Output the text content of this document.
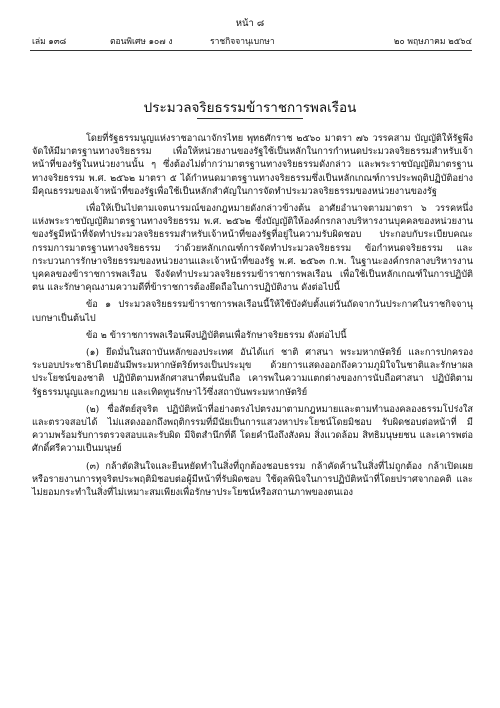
หน้า ๘
เล่ม ๑๓๘	ตอนพิเศษ ๑๐๗ ง	ราชกิจจานุเบกษา	๒๐ พฤษภาคม ๒๕๖๔
ประมวลจริยธรรมข้าราชการพลเรือน

โดยที่รัฐธรรมนูญแห่งราชอาณาจักรไทย พุทธศักราช ๒๕๖๐ มาตรา ๗๖ วรรคสาม บัญญัติให้รัฐพึงจัดให้มีมาตรฐานทางจริยธรรม เพื่อให้หน่วยงานของรัฐใช้เป็นหลักในการกำหนดประมวลจริยธรรมสำหรับเจ้าหน้าที่ของรัฐในหน่วยงานนั้น ๆ ซึ่งต้องไม่ต่ำกว่ามาตรฐานทางจริยธรรมดังกล่าว และพระราชบัญญัติมาตรฐานทางจริยธรรม พ.ศ. ๒๕๖๒ มาตรา ๕ ได้กำหนดมาตรฐานทางจริยธรรมซึ่งเป็นหลักเกณฑ์การประพฤติปฏิบัติอย่างมีคุณธรรมของเจ้าหน้าที่ของรัฐเพื่อใช้เป็นหลักสำคัญในการจัดทำประมวลจริยธรรมของหน่วยงานของรัฐ

เพื่อให้เป็นไปตามเจตนารมณ์ของกฎหมายดังกล่าวข้างต้น อาศัยอำนาจตามมาตรา ๖ วรรคหนึ่ง แห่งพระราชบัญญัติมาตรฐานทางจริยธรรม พ.ศ. ๒๕๖๒ ซึ่งบัญญัติให้องค์กรกลางบริหารงานบุคคลของหน่วยงานของรัฐมีหน้าที่จัดทำประมวลจริยธรรมสำหรับเจ้าหน้าที่ของรัฐที่อยู่ในความรับผิดชอบ ประกอบกับระเบียบคณะกรรมการมาตรฐานทางจริยธรรม ว่าด้วยหลักเกณฑ์การจัดทำประมวลจริยธรรม ข้อกำหนดจริยธรรม และกระบวนการรักษาจริยธรรมของหน่วยงานและเจ้าหน้าที่ของรัฐ พ.ศ. ๒๕๖๓ ก.พ. ในฐานะองค์กรกลางบริหารงานบุคคลของข้าราชการพลเรือน จึงจัดทำประมวลจริยธรรมข้าราชการพลเรือน เพื่อใช้เป็นหลักเกณฑ์ในการปฏิบัติตน และรักษาคุณงามความดีที่ข้าราชการต้องยึดถือในการปฏิบัติงาน ดังต่อไปนี้

ข้อ ๑ ประมวลจริยธรรมข้าราชการพลเรือนนี้ให้ใช้บังคับตั้งแต่วันถัดจากวันประกาศในราชกิจจานุเบกษาเป็นต้นไป

ข้อ ๒ ข้าราชการพลเรือนพึงปฏิบัติตนเพื่อรักษาจริยธรรม ดังต่อไปนี้

(๑) ยึดมั่นในสถาบันหลักของประเทศ อันได้แก่ ชาติ ศาสนา พระมหากษัตริย์ และการปกครองระบอบประชาธิปไตยอันมีพระมหากษัตริย์ทรงเป็นประมุข ด้วยการแสดงออกถึงความภูมิใจในชาติและรักษาผลประโยชน์ของชาติ ปฏิบัติตามหลักศาสนาที่ตนนับถือ เคารพในความแตกต่างของการนับถือศาสนา ปฏิบัติตามรัฐธรรมนูญและกฎหมาย และเทิดทูนรักษาไว้ซึ่งสถาบันพระมหากษัตริย์

(๒) ซื่อสัตย์สุจริต ปฏิบัติหน้าที่อย่างตรงไปตรงมาตามกฎหมายและตามทำนองคลองธรรมโปร่งใส และตรวจสอบได้ ไม่แสดงออกถึงพฤติกรรมที่มีนัยเป็นการแสวงหาประโยชน์โดยมิชอบ รับผิดชอบต่อหน้าที่ มีความพร้อมรับการตรวจสอบและรับผิด มีจิตสำนึกที่ดี โดยคำนึงถึงสังคม สิ่งแวดล้อม สิทธิมนุษยชน และเคารพต่อศักดิ์ศรีความเป็นมนุษย์

(๓) กล้าตัดสินใจและยืนหยัดทำในสิ่งที่ถูกต้องชอบธรรม กล้าคัดค้านในสิ่งที่ไม่ถูกต้อง กล้าเปิดเผยหรือรายงานการทุจริตประพฤติมิชอบต่อผู้มีหน้าที่รับผิดชอบ ใช้ดุลพินิจในการปฏิบัติหน้าที่โดยปราศจากอคติ และไม่ยอมกระทำในสิ่งที่ไม่เหมาะสมเพียงเพื่อรักษาประโยชน์หรือสถานภาพของตนเอง
